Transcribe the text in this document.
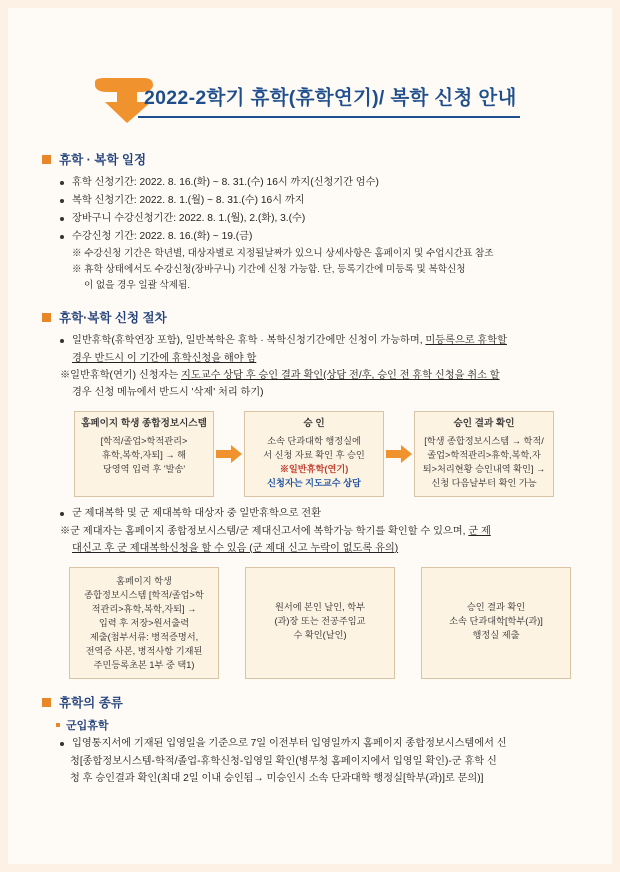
2022-2학기 휴학(휴학연기)/ 복학 신청 안내
휴학 · 복학 일정
휴학 신청기간: 2022. 8. 16.(화) ~ 8. 31.(수) 16시 까지(신청기간 엄수)
복학 신청기간: 2022. 8. 1.(월) ~ 8. 31.(수) 16시 까지
장바구니 수강신청기간: 2022. 8. 1.(월), 2.(화), 3.(수)
수강신청 기간: 2022. 8. 16.(화) ~ 19.(금)
※ 수강신청 기간은 학년별, 대상자별로 지정될날짜가 있으니 상세사항은 홈페이지 및 수업시간표 참조
※ 휴학 상태에서도 수강신청(장바구니) 기간에 신청 가능함. 단, 등록기간에 미등록 및 복학신청
이 없을 경우 일괄 삭제됨.
휴학·복학 신청 절차
일반휴학(휴학연장 포함), 일반복학은 휴학 · 복학신청기간에만 신청이 가능하며, 미등록으로 휴학할
경우 반드시 이 기간에 휴학신청을 해야 함
※일반휴학(연기) 신청자는 지도교수 상담 후 승인 결과 확인(상담 전/후, 승인 전 휴학 신청을 취소 할
경우 신청 메뉴에서 반드시 '삭제' 처리 하기)
홈페이지 학생 종합정보시스템
[학적/졸업>학적관리>
휴학,복학,자퇴] → 해
당영역 입력 후 '발송'
승 인
소속 단과대학 행정실에
서 신청 자료 확인 후 승인
※일반휴학(연기)
신청자는 지도교수 상담
승인 결과 확인
[학생 종합정보시스템 → 학적/
졸업>학적관리>휴학,복학,자
퇴>처리현황 승인내역 확인] →
신청 다음날부터 확인 가능
군 제대복학 및 군 제대복학 대상자 중 일반휴학으로 전환
※군 제대자는 홈페이지 종합정보시스템/군 제대신고서에 복학가능 학기를 확인할 수 있으며, 군 제
대신고 후 군 제대복학신청을 할 수 있음 (군 제대 신고 누락이 없도록 유의)
홈페이지 학생
종합정보시스템 [학적/졸업>학
적관리>휴학,복학,자퇴] →
입력 후 저장>원서출력
제출(첨부서류: 병적증명서,
전역증 사본, 병적사항 기재된
주민등록초본 1부 중 택1)
원서에 본인 날인, 학부
(과)장 또는 전공주임교
수 확인(날인)
승인 결과 확인
소속 단과대학[학부(과)]
행정실 제출
휴학의 종류
군입휴학
입영통지서에 기재된 입영일을 기준으로 7일 이전부터 입영일까지 홈페이지 종합정보시스템에서 신
청[종합정보시스템-학적/졸업-휴학신청-입영일 확인(병무청 홈페이지에서 입영일 확인)-군 휴학 신
청 후 승인결과 확인(최대 2일 이내 승인됨→ 미승인시 소속 단과대학 행정실[학부(과)]로 문의)]
